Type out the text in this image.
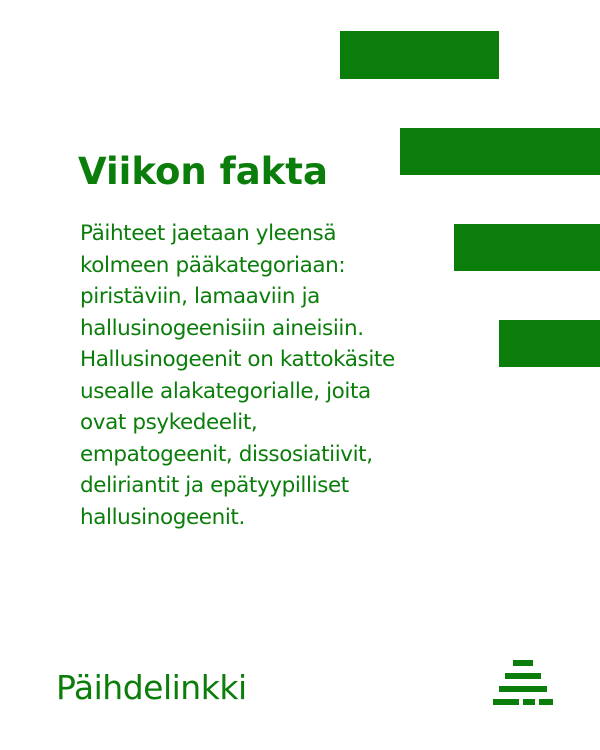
Viikon fakta

Päihteet jaetaan yleensä
kolmeen pääkategoriaan:
piristäviin, lamaaviin ja
hallusinogeenisiin aineisiin.
Hallusinogeenit on kattokäsite
usealle alakategorialle, joita
ovat psykedeelit,
empatogeenit, dissosiatiivit,
deliriantit ja epätyypilliset
hallusinogeenit.

Päihdelinkki
